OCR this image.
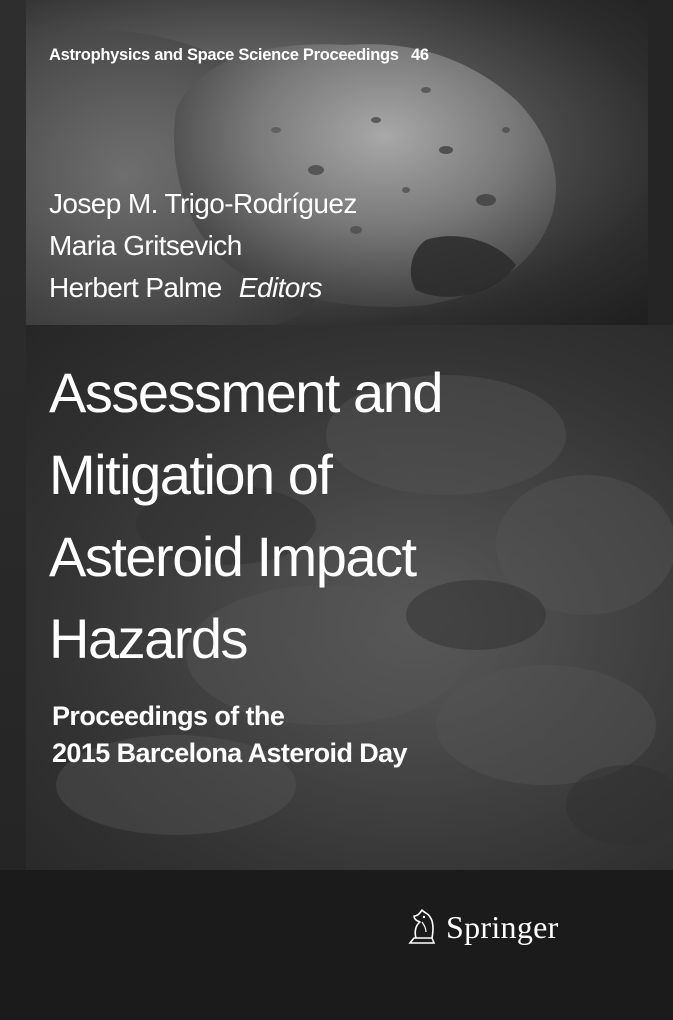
Astrophysics and Space Science Proceedings 46

Josep M. Trigo-Rodríguez
Maria Gritsevich
Herbert Palme Editors
Assessment and
Mitigation of
Asteroid Impact
Hazards
Proceedings of the
2015 Barcelona Asteroid Day
Springer
